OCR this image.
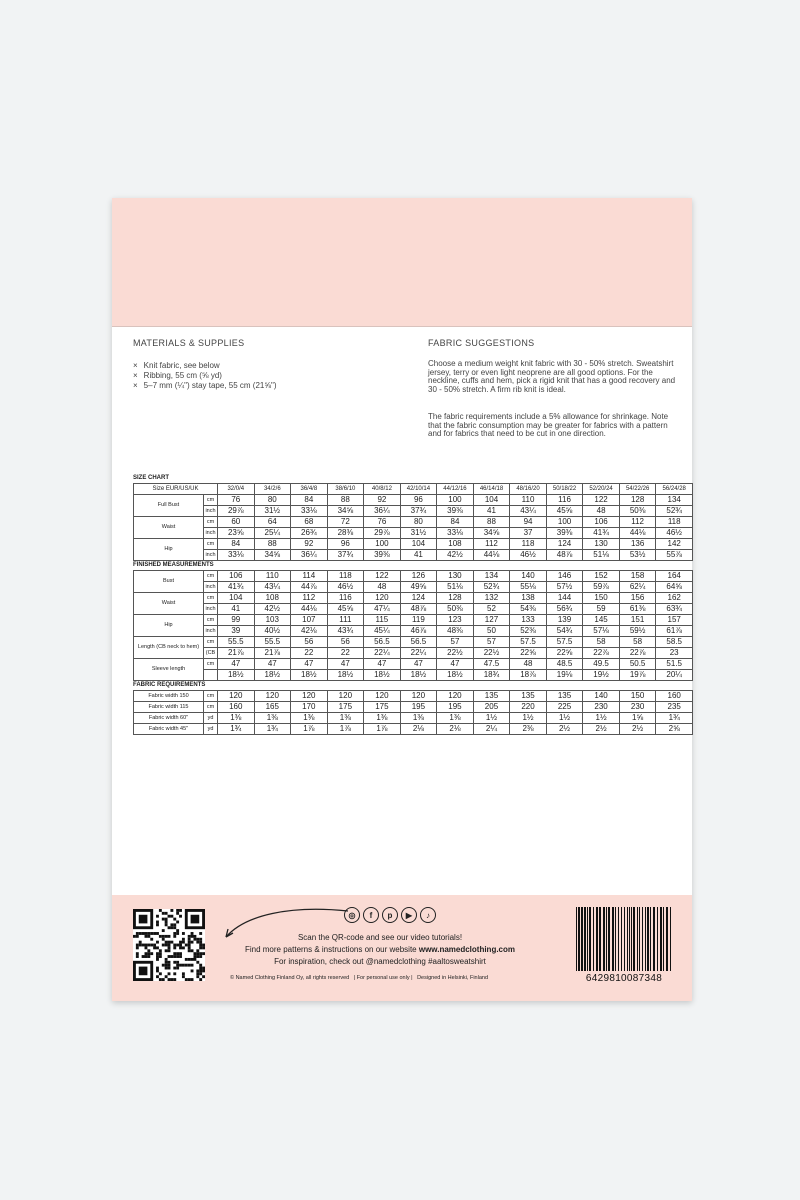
MATERIALS & SUPPLIES
× Knit fabric, see below
× Ribbing, 55 cm (⅝ yd)
× 5–7 mm (¼") stay tape, 55 cm (21⅝")
FABRIC SUGGESTIONS

Choose a medium weight knit fabric with 30 - 50% stretch. Sweatshirt jersey, terry or even light neoprene are all good options. For the neckline, cuffs and hem, pick a rigid knit that has a good recovery and 30 - 50% stretch. A firm rib knit is ideal.

The fabric requirements include a 5% allowance for shrinkage. Note that the fabric consumption may be greater for fabrics with a pattern and for fabrics that need to be cut in one direction.

SIZE CHART
Size EUR/US/UK		32/0/4	34/2/6	36/4/8	38/6/10	40/8/12	42/10/14	44/12/16	46/14/18	48/16/20	50/18/22	52/20/24	54/22/26	56/24/28
Full Bust	cm	76	80	84	88	92	96	100	104	110	116	122	128	134
	inch	29⅞	31½	33⅛	34⅝	36¼	37¾	39⅜	41	43¼	45⅝	48	50⅜	52¾
Waist	cm	60	64	68	72	76	80	84	88	94	100	106	112	118
	inch	23⅝	25¼	26¾	28⅜	29⅞	31½	33⅛	34⅝	37	39⅜	41¾	44⅛	46½
Hip	cm	84	88	92	96	100	104	108	112	118	124	130	136	142
	inch	33⅛	34⅝	36¼	37¾	39⅜	41	42½	44⅛	46½	48⅞	51⅛	53½	55⅞
FINISHED MEASUREMENTS
Bust	cm	106	110	114	118	122	126	130	134	140	146	152	158	164
	inch	41¾	43¼	44⅞	46½	48	49⅝	51⅛	52¾	55⅛	57½	59⅞	62¼	64⅝
Waist	cm	104	108	112	116	120	124	128	132	138	144	150	156	162
	inch	41	42½	44⅛	45⅝	47¼	48⅞	50⅜	52	54⅜	56¾	59	61⅜	63¾
Hip	cm	99	103	107	111	115	119	123	127	133	139	145	151	157
	inch	39	40½	42⅛	43¾	45¼	46⅞	48⅜	50	52⅜	54¾	57⅛	59½	61⅞
Length (CB neck to hem)	cm	55.5	55.5	56	56	56.5	56.5	57	57	57.5	57.5	58	58	58.5
	(CB	21⅞	21⅞	22	22	22¼	22¼	22½	22½	22⅝	22⅝	22⅞	22⅞	23
Sleeve length	cm	47	47	47	47	47	47	47	47.5	48	48.5	49.5	50.5	51.5
		18½	18½	18½	18½	18½	18½	18½	18¾	18⅞	19⅛	19½	19⅞	20¼
FABRIC REQUIREMENTS
Fabric width 150	cm	120	120	120	120	120	120	120	135	135	135	140	150	160
Fabric width 115	cm	160	165	170	175	175	195	195	205	220	225	230	230	235
Fabric width 60"	yd	1⅜	1⅜	1⅜	1⅜	1⅜	1⅜	1⅜	1½	1½	1½	1½	1⅝	1¾
Fabric width 45"	yd	1¾	1¾	1⅞	1⅞	1⅞	2⅛	2⅛	2¼	2⅜	2½	2½	2½	2⅝
◎	f	p	▶	♪
Scan the QR-code and see our video tutorials!
Find more patterns & instructions on our website www.namedclothing.com
For inspiration, check out @namedclothing #aaltosweatshirt
© Named Clothing Finland Oy, all rights reserved | For personal use only | Designed in Helsinki, Finland	6429810087348
